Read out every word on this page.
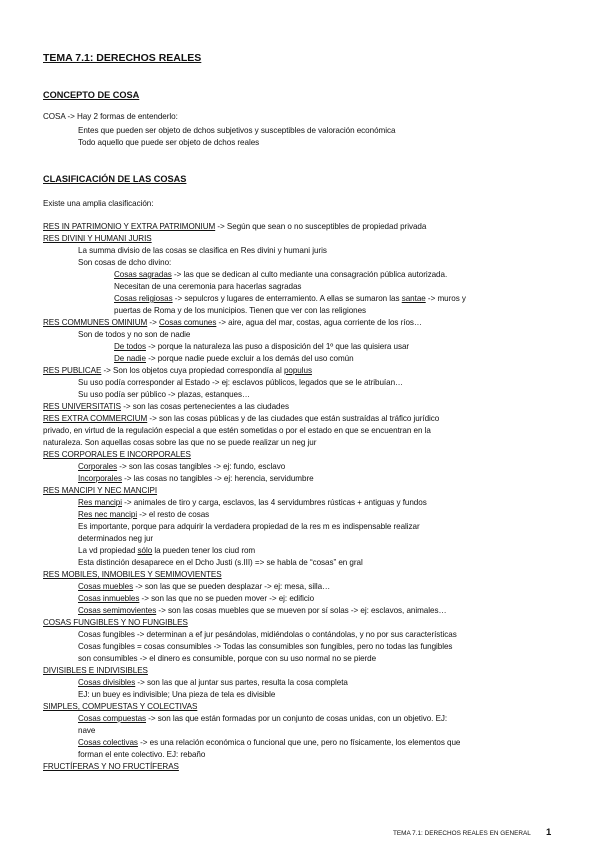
TEMA 7.1: DERECHOS REALES
CONCEPTO DE COSA
COSA -> Hay 2 formas de entenderlo:
Entes que pueden ser objeto de dchos subjetivos y susceptibles de valoración económica
Todo aquello que puede ser objeto de dchos reales
CLASIFICACIÓN DE LAS COSAS
Existe una amplia clasificación:
RES IN PATRIMONIO Y EXTRA PATRIMONIUM -> Según que sean o no susceptibles de propiedad privada
RES DIVINI Y HUMANI JURIS
La summa divisio de las cosas se clasifica en Res divini y humani juris
Son cosas de dcho divino:
Cosas sagradas -> las que se dedican al culto mediante una consagración pública autorizada.
Necesitan de una ceremonia para hacerlas sagradas
Cosas religiosas -> sepulcros y lugares de enterramiento. A ellas se sumaron las santae -> muros y
puertas de Roma y de los municipios. Tienen que ver con las religiones
RES COMMUNES OMINIUM -> Cosas comunes -> aire, agua del mar, costas, agua corriente de los ríos…
Son de todos y no son de nadie
De todos -> porque la naturaleza las puso a disposición del 1º que las quisiera usar
De nadie -> porque nadie puede excluir a los demás del uso común
RES PUBLICAE -> Son los objetos cuya propiedad correspondía al populus
Su uso podía corresponder al Estado -> ej: esclavos públicos, legados que se le atribuían…
Su uso podía ser público -> plazas, estanques…
RES UNIVERSITATIS -> son las cosas pertenecientes a las ciudades
RES EXTRA COMMERCIUM -> son las cosas públicas y de las ciudades que están sustraídas al tráfico jurídico
privado, en virtud de la regulación especial a que estén sometidas o por el estado en que se encuentran en la
naturaleza. Son aquellas cosas sobre las que no se puede realizar un neg jur
RES CORPORALES E INCORPORALES
Corporales -> son las cosas tangibles -> ej: fundo, esclavo
Incorporales -> las cosas no tangibles -> ej: herencia, servidumbre
RES MANCIPI Y NEC MANCIPI
Res mancipi -> animales de tiro y carga, esclavos, las 4 servidumbres rústicas + antiguas y fundos
Res nec mancipi -> el resto de cosas
Es importante, porque para adquirir la verdadera propiedad de la res m es indispensable realizar
determinados neg jur
La vd propiedad sólo la pueden tener los ciud rom
Esta distinción desaparece en el Dcho Justi (s.III) => se habla de “cosas” en gral
RES MOBILES, INMOBILES Y SEMIMOVIENTES
Cosas muebles -> son las que se pueden desplazar -> ej: mesa, silla…
Cosas inmuebles -> son las que no se pueden mover -> ej: edificio
Cosas semimovientes -> son las cosas muebles que se mueven por sí solas -> ej: esclavos, animales…
COSAS FUNGIBLES Y NO FUNGIBLES
Cosas fungibles -> determinan a ef jur pesándolas, midiéndolas o contándolas, y no por sus características
Cosas fungibles = cosas consumibles -> Todas las consumibles son fungibles, pero no todas las fungibles
son consumibles -> el dinero es consumible, porque con su uso normal no se pierde
DIVISIBLES E INDIVISIBLES
Cosas divisibles -> son las que al juntar sus partes, resulta la cosa completa
EJ: un buey es indivisible; Una pieza de tela es divisible
SIMPLES, COMPUESTAS Y COLECTIVAS
Cosas compuestas -> son las que están formadas por un conjunto de cosas unidas, con un objetivo. EJ:
nave
Cosas colectivas -> es una relación económica o funcional que une, pero no físicamente, los elementos que
forman el ente colectivo. EJ: rebaño
FRUCTÍFERAS Y NO FRUCTÍFERAS
TEMA 7.1: DERECHOS REALES EN GENERAL 1
